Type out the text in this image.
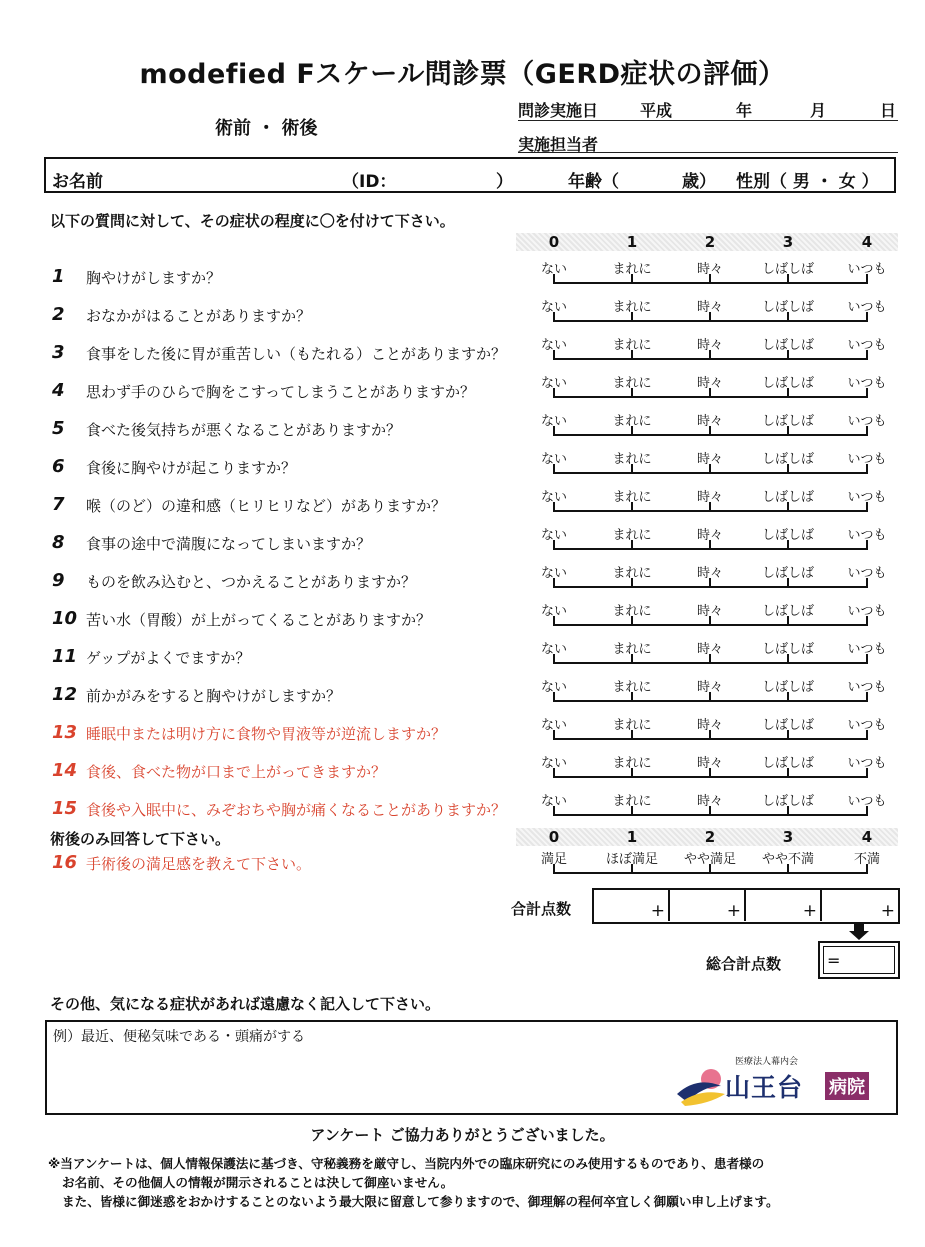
modefied Fスケール問診票（GERD症状の評価）
術前 ・ 術後
問診実施日	平成	年	月	日
実施担当者
お名前	（ID：	）	年齢（	歳） 性別（ 男 ・ 女 ）
以下の質問に対して、その症状の程度に〇を付けて下さい。
術後のみ回答して下さい。
合計点数	+	+	+	+
総合計点数	=
その他、気になる症状があれば遠慮なく記入して下さい。
例）最近、便秘気味である・頭痛がする
医療法人幕内会
山王台 病院
アンケート ご協力ありがとうございました。
※当アンケートは、個人情報保護法に基づき、守秘義務を厳守し、当院内外での臨床研究にのみ使用するものであり、患者様の
お名前、その他個人の情報が開示されることは決して御座いません。
また、皆様に御迷惑をおかけすることのないよう最大限に留意して参りますので、御理解の程何卒宜しく御願い申し上げます。
0	1	2	3	4
0	1	2	3	4
1	胸やけがしますか？	ない	まれに	時々	しばしば	いつも
2	おなかがはることがありますか？	ない	まれに	時々	しばしば	いつも
3	食事をした後に胃が重苦しい（もたれる）ことがありますか？	ない	まれに	時々	しばしば	いつも
4	思わず手のひらで胸をこすってしまうことがありますか？	ない	まれに	時々	しばしば	いつも
5	食べた後気持ちが悪くなることがありますか？	ない	まれに	時々	しばしば	いつも
6	食後に胸やけが起こりますか？	ない	まれに	時々	しばしば	いつも
7	喉（のど）の違和感（ヒリヒリなど）がありますか？	ない	まれに	時々	しばしば	いつも
8	食事の途中で満腹になってしまいますか？	ない	まれに	時々	しばしば	いつも
9	ものを飲み込むと、つかえることがありますか？	ない	まれに	時々	しばしば	いつも
10 苦い水（胃酸）が上がってくることがありますか？	ない	まれに	時々	しばしば	いつも
11 ゲップがよくでますか？	ない	まれに	時々	しばしば	いつも
12 前かがみをすると胸やけがしますか？	ない	まれに	時々	しばしば	いつも
13 睡眠中または明け方に食物や胃液等が逆流しますか？	ない	まれに	時々	しばしば	いつも
14 食後、食べた物が口まで上がってきますか？	ない	まれに	時々	しばしば	いつも
15 食後や入眠中に、みぞおちや胸が痛くなることがありますか？	ない	まれに	時々	しばしば	いつも
16 手術後の満足感を教えて下さい。	満足	ほぼ満足	やや満足	やや不満	不満
